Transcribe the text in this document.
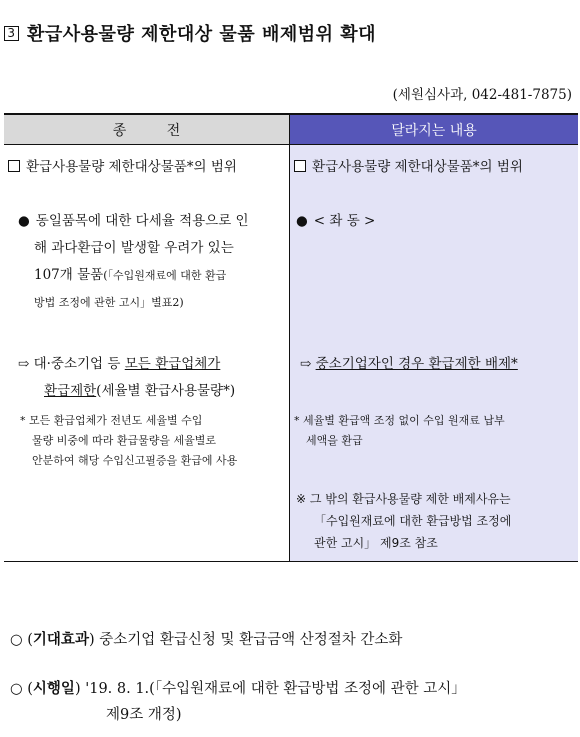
3 환급사용물량 제한대상 물품 배제범위 확대
(세원심사과, 042-481-7875)
종 전
환급사용물량 제한대상물품*의 범위
● 동일품목에 대한 다세율 적용으로 인
해 과다환급이 발생할 우려가 있는
107개 물품(「수입원재료에 대한 환급
방법 조정에 관한 고시」별표2)
⇨ 대·중소기업 등 모든 환급업체가
환급제한(세율별 환급사용물량*)
* 모든 환급업체가 전년도 세율별 수입
물량 비중에 따라 환급물량을 세율별로
안분하여 해당 수입신고필증을 환급에 사용
달라지는 내용
환급사용물량 제한대상물품*의 범위
● < 좌 동 >
⇨ 중소기업자인 경우 환급제한 배제*
* 세율별 환급액 조정 없이 수입 원재료 납부
세액을 환급
※ 그 밖의 환급사용물량 제한 배제사유는
「수입원재료에 대한 환급방법 조정에
관한 고시」 제9조 참조
○ (기대효과) 중소기업 환급신청 및 환급금액 산정절차 간소화
○ (시행일) '19. 8. 1.(「수입원재료에 대한 환급방법 조정에 관한 고시」
제9조 개정)
